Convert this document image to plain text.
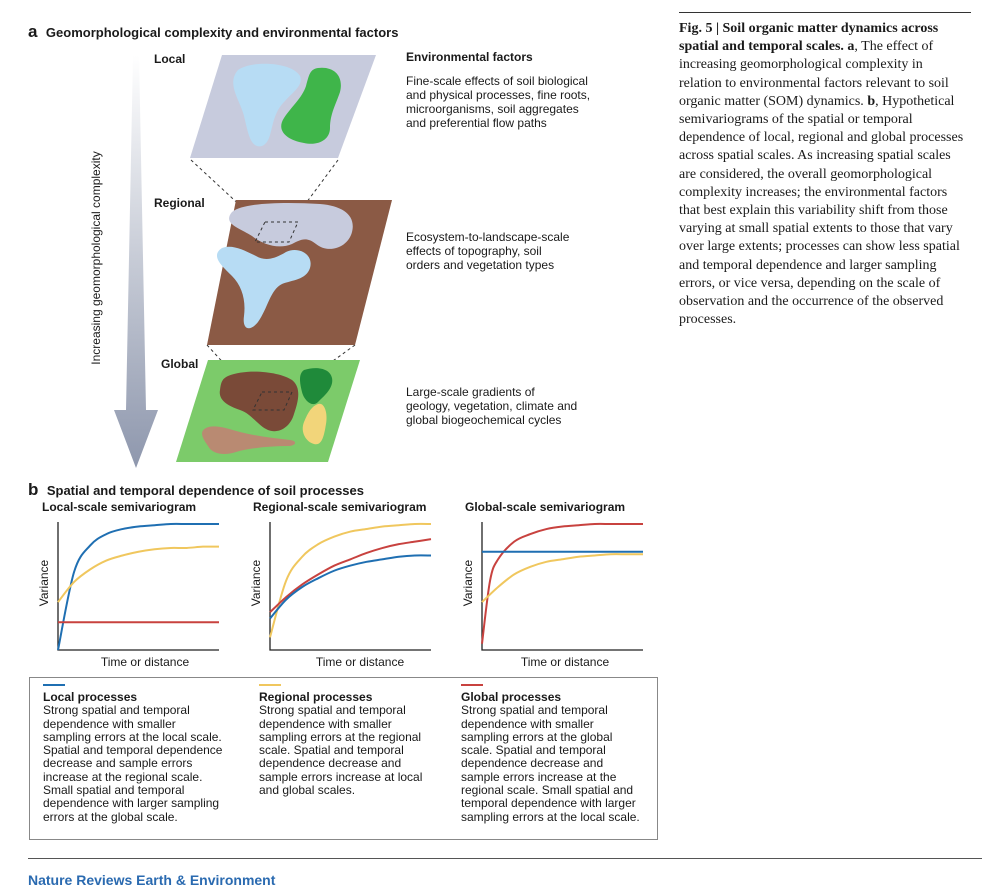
a Geomorphological complexity and environmental factors
Increasing geomorphological complexity
Local
Regional
Global
Environmental factors
Fine-scale effects of soil biological
and physical processes, fine roots,
microorganisms, soil aggregates
and preferential flow paths
Ecosystem-to-landscape-scale
effects of topography, soil
orders and vegetation types
Large-scale gradients of
geology, vegetation, climate and
global biogeochemical cycles
b Spatial and temporal dependence of soil processes
Local-scale semivariogram	Regional-scale semivariogram	Global-scale semivariogram
Variance	Variance	Variance
Time or distance	Time or distance	Time or distance
Local processes
Strong spatial and temporal
dependence with smaller
sampling errors at the local scale.
Spatial and temporal dependence
decrease and sample errors
increase at the regional scale.
Small spatial and temporal
dependence with larger sampling
errors at the global scale.
Regional processes
Strong spatial and temporal
dependence with smaller
sampling errors at the regional
scale. Spatial and temporal
dependence decrease and
sample errors increase at local
and global scales.
Global processes
Strong spatial and temporal
dependence with smaller
sampling errors at the global
scale. Spatial and temporal
dependence decrease and
sample errors increase at the
regional scale. Small spatial and
temporal dependence with larger
sampling errors at the local scale.
Fig. 5 | Soil organic matter dynamics across
spatial and temporal scales. a, The effect of
increasing geomorphological complexity in
relation to environmental factors relevant to soil
organic matter (SOM) dynamics. b, Hypothetical
semivariograms of the spatial or temporal
dependence of local, regional and global processes
across spatial scales. As increasing spatial scales
are considered, the overall geomorphological
complexity increases; the environmental factors
that best explain this variability shift from those
varying at small spatial extents to those that vary
over large extents; processes can show less spatial
and temporal dependence and larger sampling
errors, or vice versa, depending on the scale of
observation and the occurrence of the observed
processes.
Nature Reviews Earth & Environment
